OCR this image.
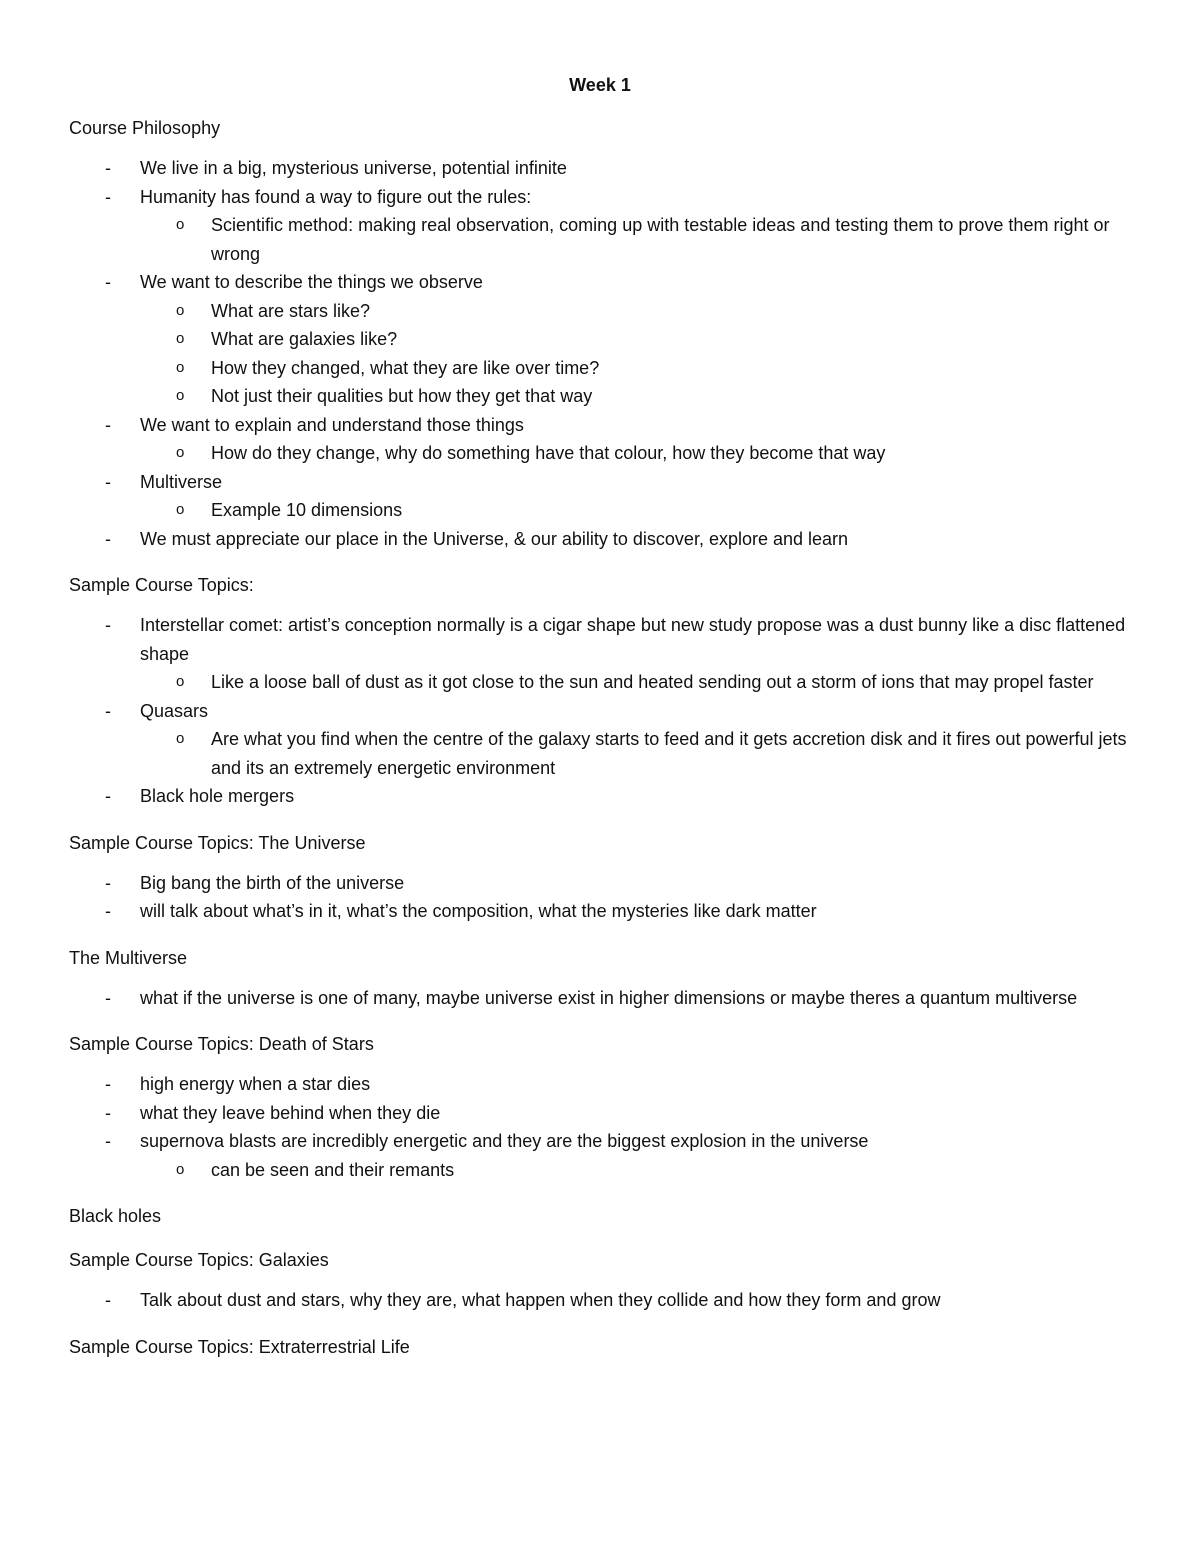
Week 1
Course Philosophy
- We live in a big, mysterious universe, potential infinite
- Humanity has found a way to figure out the rules:
o Scientific method: making real observation, coming up with testable ideas and testing them to prove them right or wrong
- We want to describe the things we observe
o What are stars like?
o What are galaxies like?
o How they changed, what they are like over time?
o Not just their qualities but how they get that way
- We want to explain and understand those things
o How do they change, why do something have that colour, how they become that way
- Multiverse
o Example 10 dimensions
- We must appreciate our place in the Universe, & our ability to discover, explore and learn
Sample Course Topics:
- Interstellar comet: artist’s conception normally is a cigar shape but new study propose was a dust bunny like a disc flattened shape
o Like a loose ball of dust as it got close to the sun and heated sending out a storm of ions that may propel faster
- Quasars
o Are what you find when the centre of the galaxy starts to feed and it gets accretion disk and it fires out powerful jets and its an extremely energetic environment
- Black hole mergers
Sample Course Topics: The Universe
- Big bang the birth of the universe
- will talk about what’s in it, what’s the composition, what the mysteries like dark matter
The Multiverse
- what if the universe is one of many, maybe universe exist in higher dimensions or maybe theres a quantum multiverse
Sample Course Topics: Death of Stars
- high energy when a star dies
- what they leave behind when they die
- supernova blasts are incredibly energetic and they are the biggest explosion in the universe
o can be seen and their remants
Black holes
Sample Course Topics: Galaxies
- Talk about dust and stars, why they are, what happen when they collide and how they form and grow
Sample Course Topics: Extraterrestrial Life
